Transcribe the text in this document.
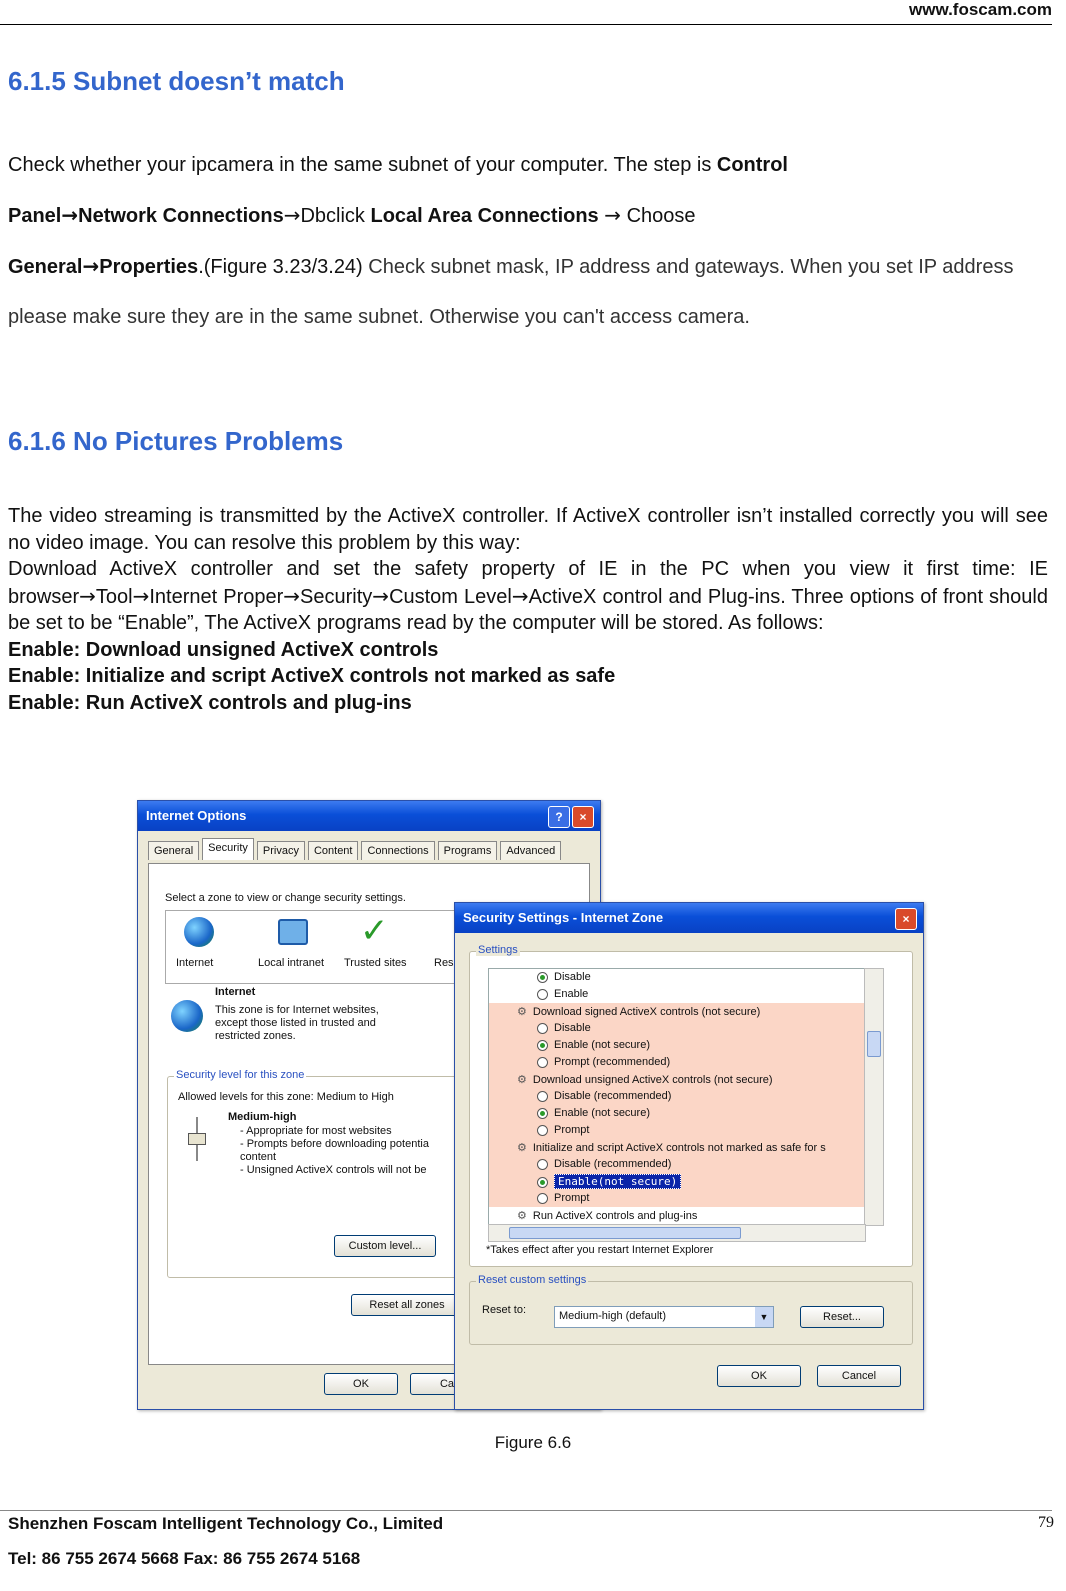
www.foscam.com
6.1.5 Subnet doesn’t match
Check whether your ipcamera in the same subnet of your computer. The step is Control
Panel→Network Connections→Dbclick Local Area Connections → Choose
General→Properties.(Figure 3.23/3.24) Check subnet mask, IP address and gateways. When you set IP address please make sure they are in the same subnet. Otherwise you can't access camera.
6.1.6 No Pictures Problems
The video streaming is transmitted by the ActiveX controller. If ActiveX controller isn’t installed correctly you will see no video image. You can resolve this problem by this way:
Download ActiveX controller and set the safety property of IE in the PC when you view it first time: IE browser→Tool→Internet Proper→Security→Custom Level→ActiveX control and Plug-ins. Three options of front should be set to be “Enable”, The ActiveX programs read by the computer will be stored. As follows:
Enable: Download unsigned ActiveX controls
Enable: Initialize and script ActiveX controls not marked as safe
Enable: Run ActiveX controls and plug-ins
Internet Options	?	×
General	Security	Privacy	Content	Connections	Programs	Advanced
Select a zone to view or change security settings.
Internet	Local intranet
✓
Trusted sites Res
Internet
This zone is for Internet websites, except those listed in trusted and restricted zones.
Security level for this zone
Allowed levels for this zone: Medium to High
Medium-high
- Appropriate for most websites
- Prompts before downloading potentia
content
- Unsigned ActiveX controls will not be
Custom level...
Reset all zones
OK	Ca
Security Settings - Internet Zone	×
Settings
Disable
Enable
⚙ Download signed ActiveX controls (not secure)
Disable
Enable (not secure)
Prompt (recommended)
⚙ Download unsigned ActiveX controls (not secure)
Disable (recommended)
Enable (not secure)
Prompt
⚙ Initialize and script ActiveX controls not marked as safe for s
Disable (recommended)
Enable(not secure)
Prompt
⚙ Run ActiveX controls and plug-ins
*Takes effect after you restart Internet Explorer
Reset custom settings
Reset to:	Medium-high (default)	▼	Reset...
OK	Cancel
Figure 6.6
Shenzhen Foscam Intelligent Technology Co., Limited
Tel: 86 755 2674 5668 Fax: 86 755 2674 5168
79
